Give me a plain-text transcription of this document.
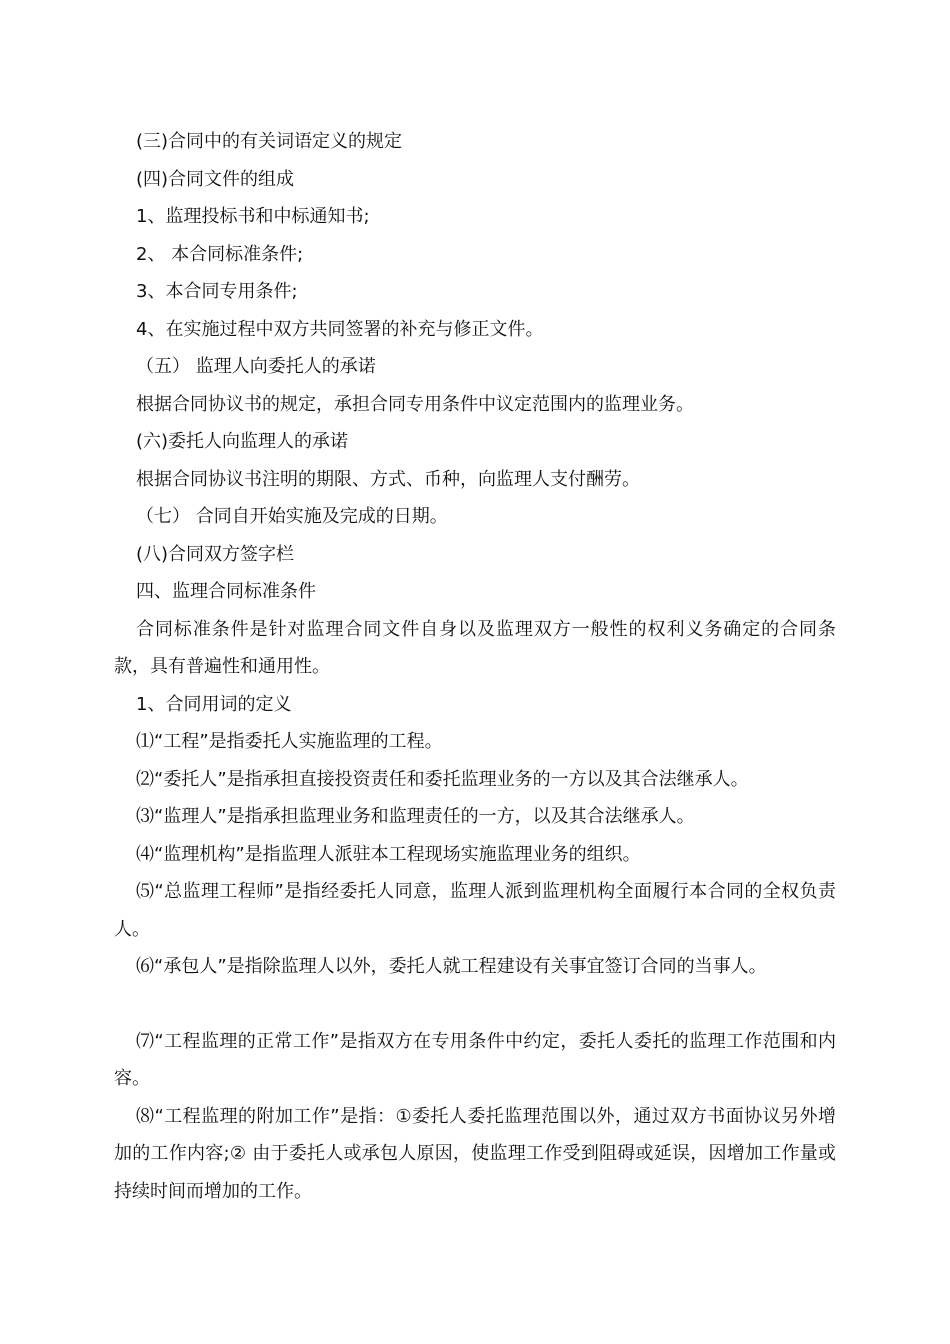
(三)合同中的有关词语定义的规定

(四)合同文件的组成

1、监理投标书和中标通知书;

2、 本合同标准条件;

3、本合同专用条件;

4、在实施过程中双方共同签署的补充与修正文件。

（五） 监理人向委托人的承诺

根据合同协议书的规定，承担合同专用条件中议定范围内的监理业务。

(六)委托人向监理人的承诺

根据合同协议书注明的期限、方式、币种，向监理人支付酬劳。

（七） 合同自开始实施及完成的日期。

(八)合同双方签字栏

四、监理合同标准条件

合同标准条件是针对监理合同文件自身以及监理双方一般性的权利义务确定的合同条款，具有普遍性和通用性。

1、合同用词的定义

⑴“工程”是指委托人实施监理的工程。

⑵“委托人”是指承担直接投资责任和委托监理业务的一方以及其合法继承人。

⑶“监理人”是指承担监理业务和监理责任的一方，以及其合法继承人。

⑷“监理机构”是指监理人派驻本工程现场实施监理业务的组织。

⑸“总监理工程师”是指经委托人同意，监理人派到监理机构全面履行本合同的全权负责人。

⑹“承包人”是指除监理人以外，委托人就工程建设有关事宜签订合同的当事人。

⑺“工程监理的正常工作”是指双方在专用条件中约定，委托人委托的监理工作范围和内容。

⑻“工程监理的附加工作”是指：①委托人委托监理范围以外，通过双方书面协议另外增加的工作内容;② 由于委托人或承包人原因，使监理工作受到阻碍或延误，因增加工作量或持续时间而增加的工作。
